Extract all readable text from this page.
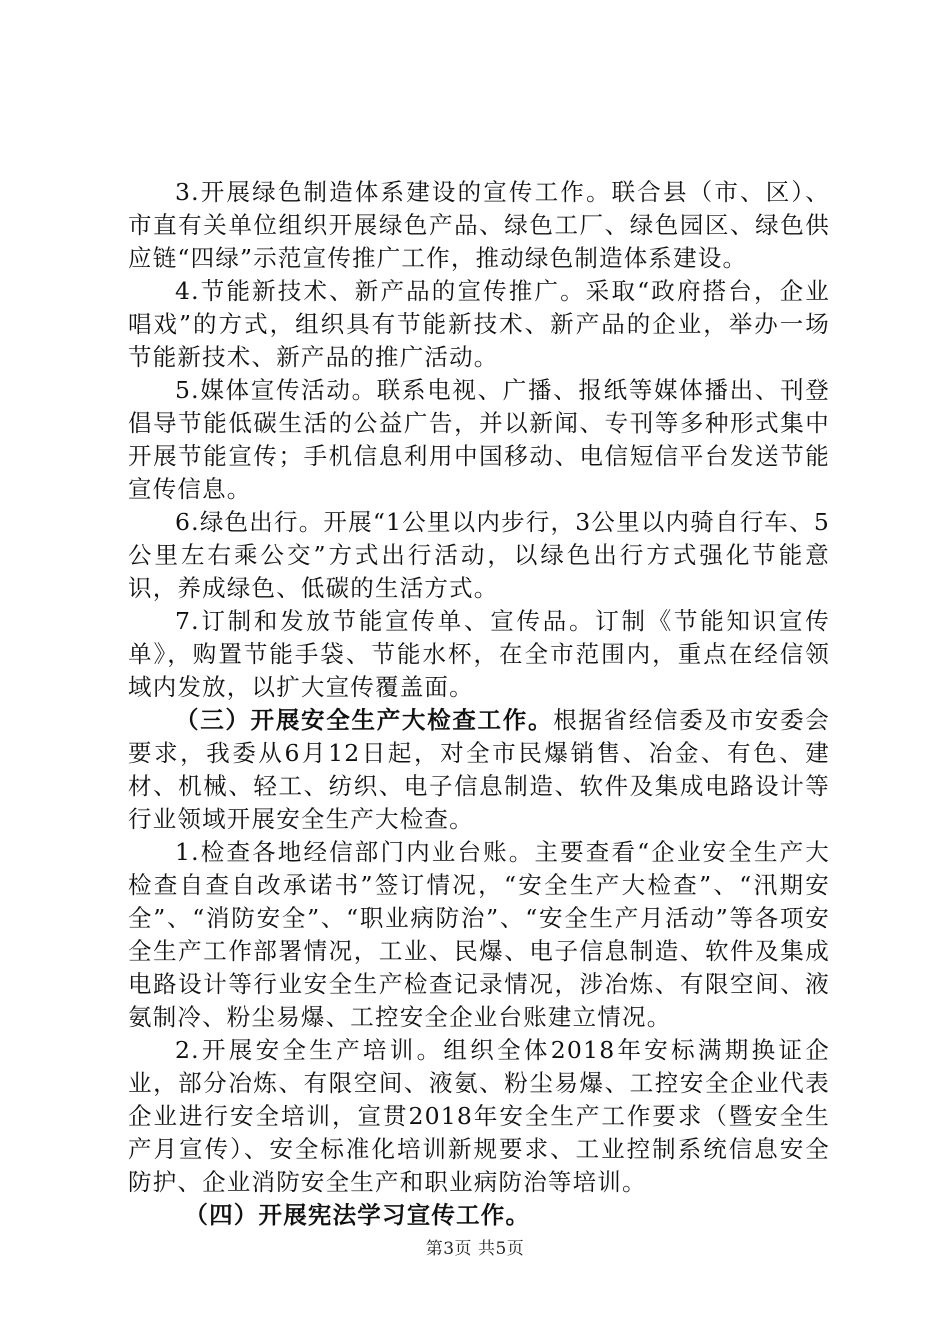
3.开展绿色制造体系建设的宣传工作。联合县（市、区）、市直有关单位组织开展绿色产品、绿色工厂、绿色园区、绿色供应链“四绿”示范宣传推广工作，推动绿色制造体系建设。

4.节能新技术、新产品的宣传推广。采取“政府搭台，企业唱戏”的方式，组织具有节能新技术、新产品的企业，举办一场节能新技术、新产品的推广活动。

5.媒体宣传活动。联系电视、广播、报纸等媒体播出、刊登倡导节能低碳生活的公益广告，并以新闻、专刊等多种形式集中开展节能宣传；手机信息利用中国移动、电信短信平台发送节能宣传信息。

6.绿色出行。开展“1公里以内步行，3公里以内骑自行车、5公里左右乘公交”方式出行活动，以绿色出行方式强化节能意识，养成绿色、低碳的生活方式。

7.订制和发放节能宣传单、宣传品。订制《节能知识宣传单》，购置节能手袋、节能水杯，在全市范围内，重点在经信领域内发放，以扩大宣传覆盖面。

（三）开展安全生产大检查工作。根据省经信委及市安委会要求，我委从6月12日起，对全市民爆销售、冶金、有色、建材、机械、轻工、纺织、电子信息制造、软件及集成电路设计等行业领域开展安全生产大检查。

1.检查各地经信部门内业台账。主要查看“企业安全生产大检查自查自改承诺书”签订情况，“安全生产大检查”、“汛期安全”、“消防安全”、“职业病防治”、“安全生产月活动”等各项安全生产工作部署情况，工业、民爆、电子信息制造、软件及集成电路设计等行业安全生产检查记录情况，涉冶炼、有限空间、液氨制冷、粉尘易爆、工控安全企业台账建立情况。

2.开展安全生产培训。组织全体2018年安标满期换证企业，部分冶炼、有限空间、液氨、粉尘易爆、工控安全企业代表企业进行安全培训，宣贯2018年安全生产工作要求（暨安全生产月宣传）、安全标准化培训新规要求、工业控制系统信息安全防护、企业消防安全生产和职业病防治等培训。

（四）开展宪法学习宣传工作。

第3页 共5页
